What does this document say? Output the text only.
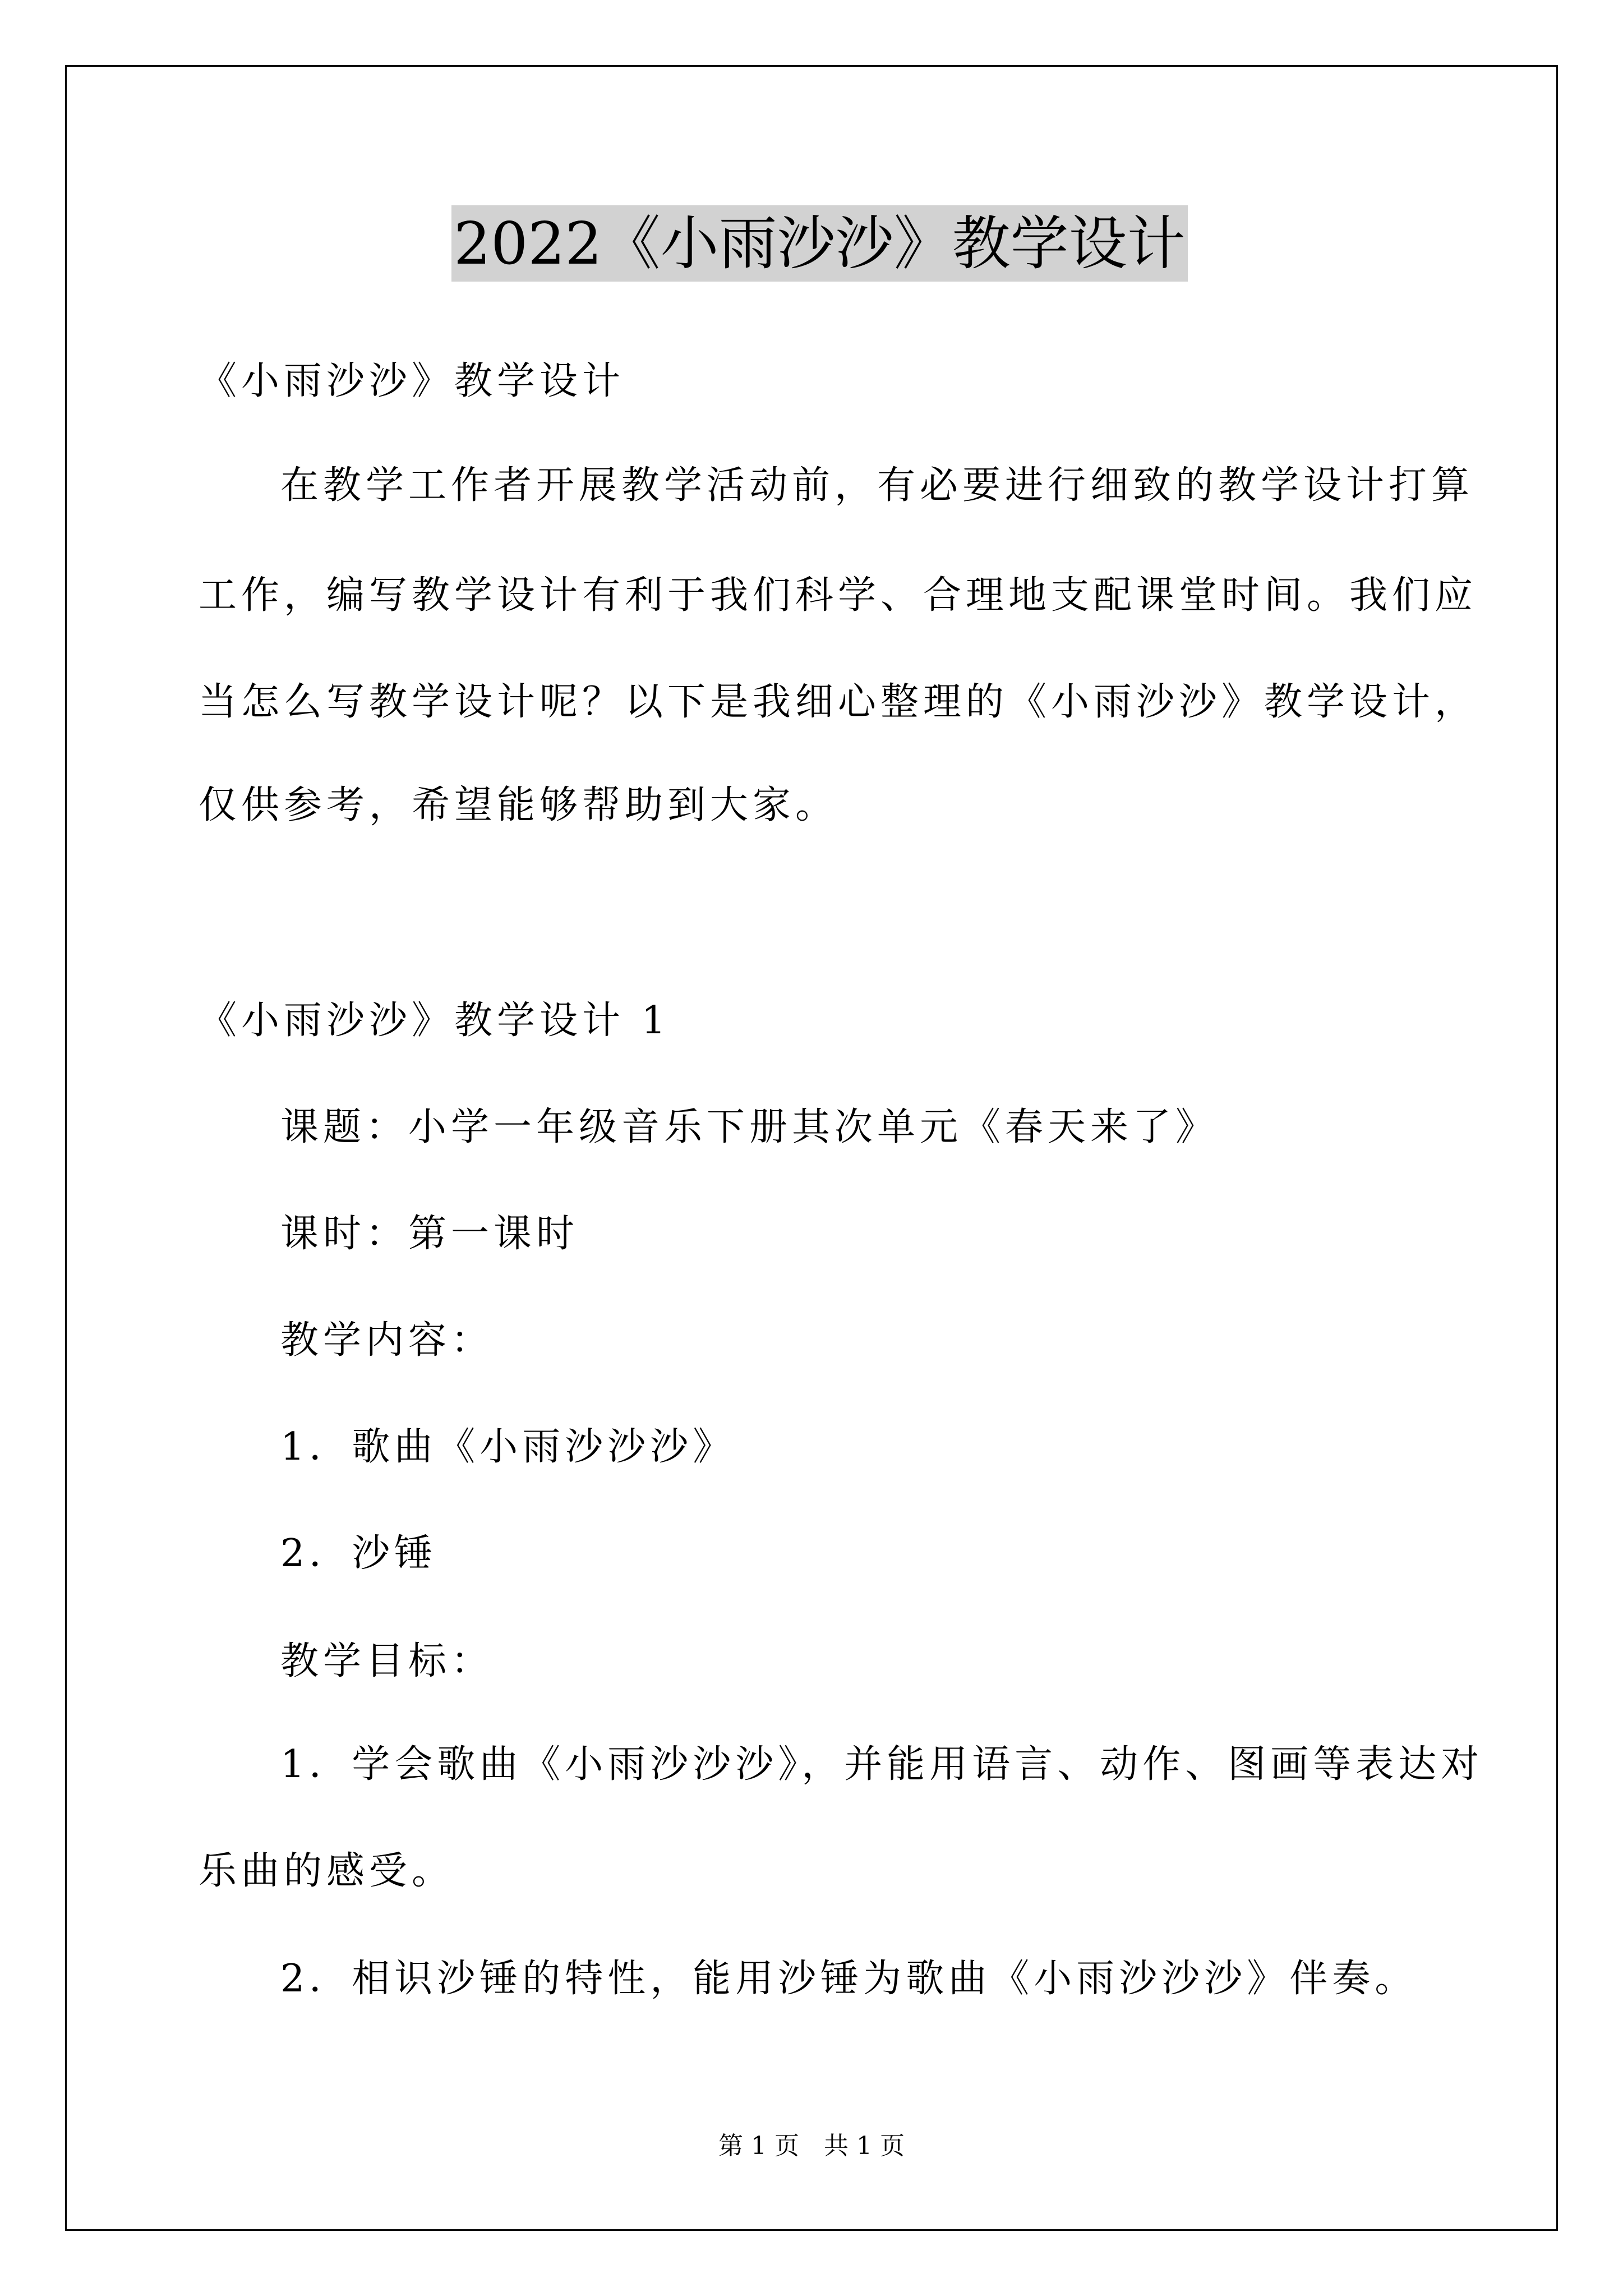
2022《小雨沙沙》教学设计
《小雨沙沙》教学设计
在教学工作者开展教学活动前，有必要进行细致的教学设计打算
工作，编写教学设计有利于我们科学、合理地支配课堂时间。我们应
当怎么写教学设计呢？以下是我细心整理的《小雨沙沙》教学设计，
仅供参考，希望能够帮助到大家。
《小雨沙沙》教学设计 1
课题：小学一年级音乐下册其次单元《春天来了》
课时：第一课时
教学内容：
1．歌曲《小雨沙沙沙》
2．沙锤
教学目标：
1．学会歌曲《小雨沙沙沙》，并能用语言、动作、图画等表达对
乐曲的感受。
2．相识沙锤的特性，能用沙锤为歌曲《小雨沙沙沙》伴奏。
第 1 页　共 1 页
